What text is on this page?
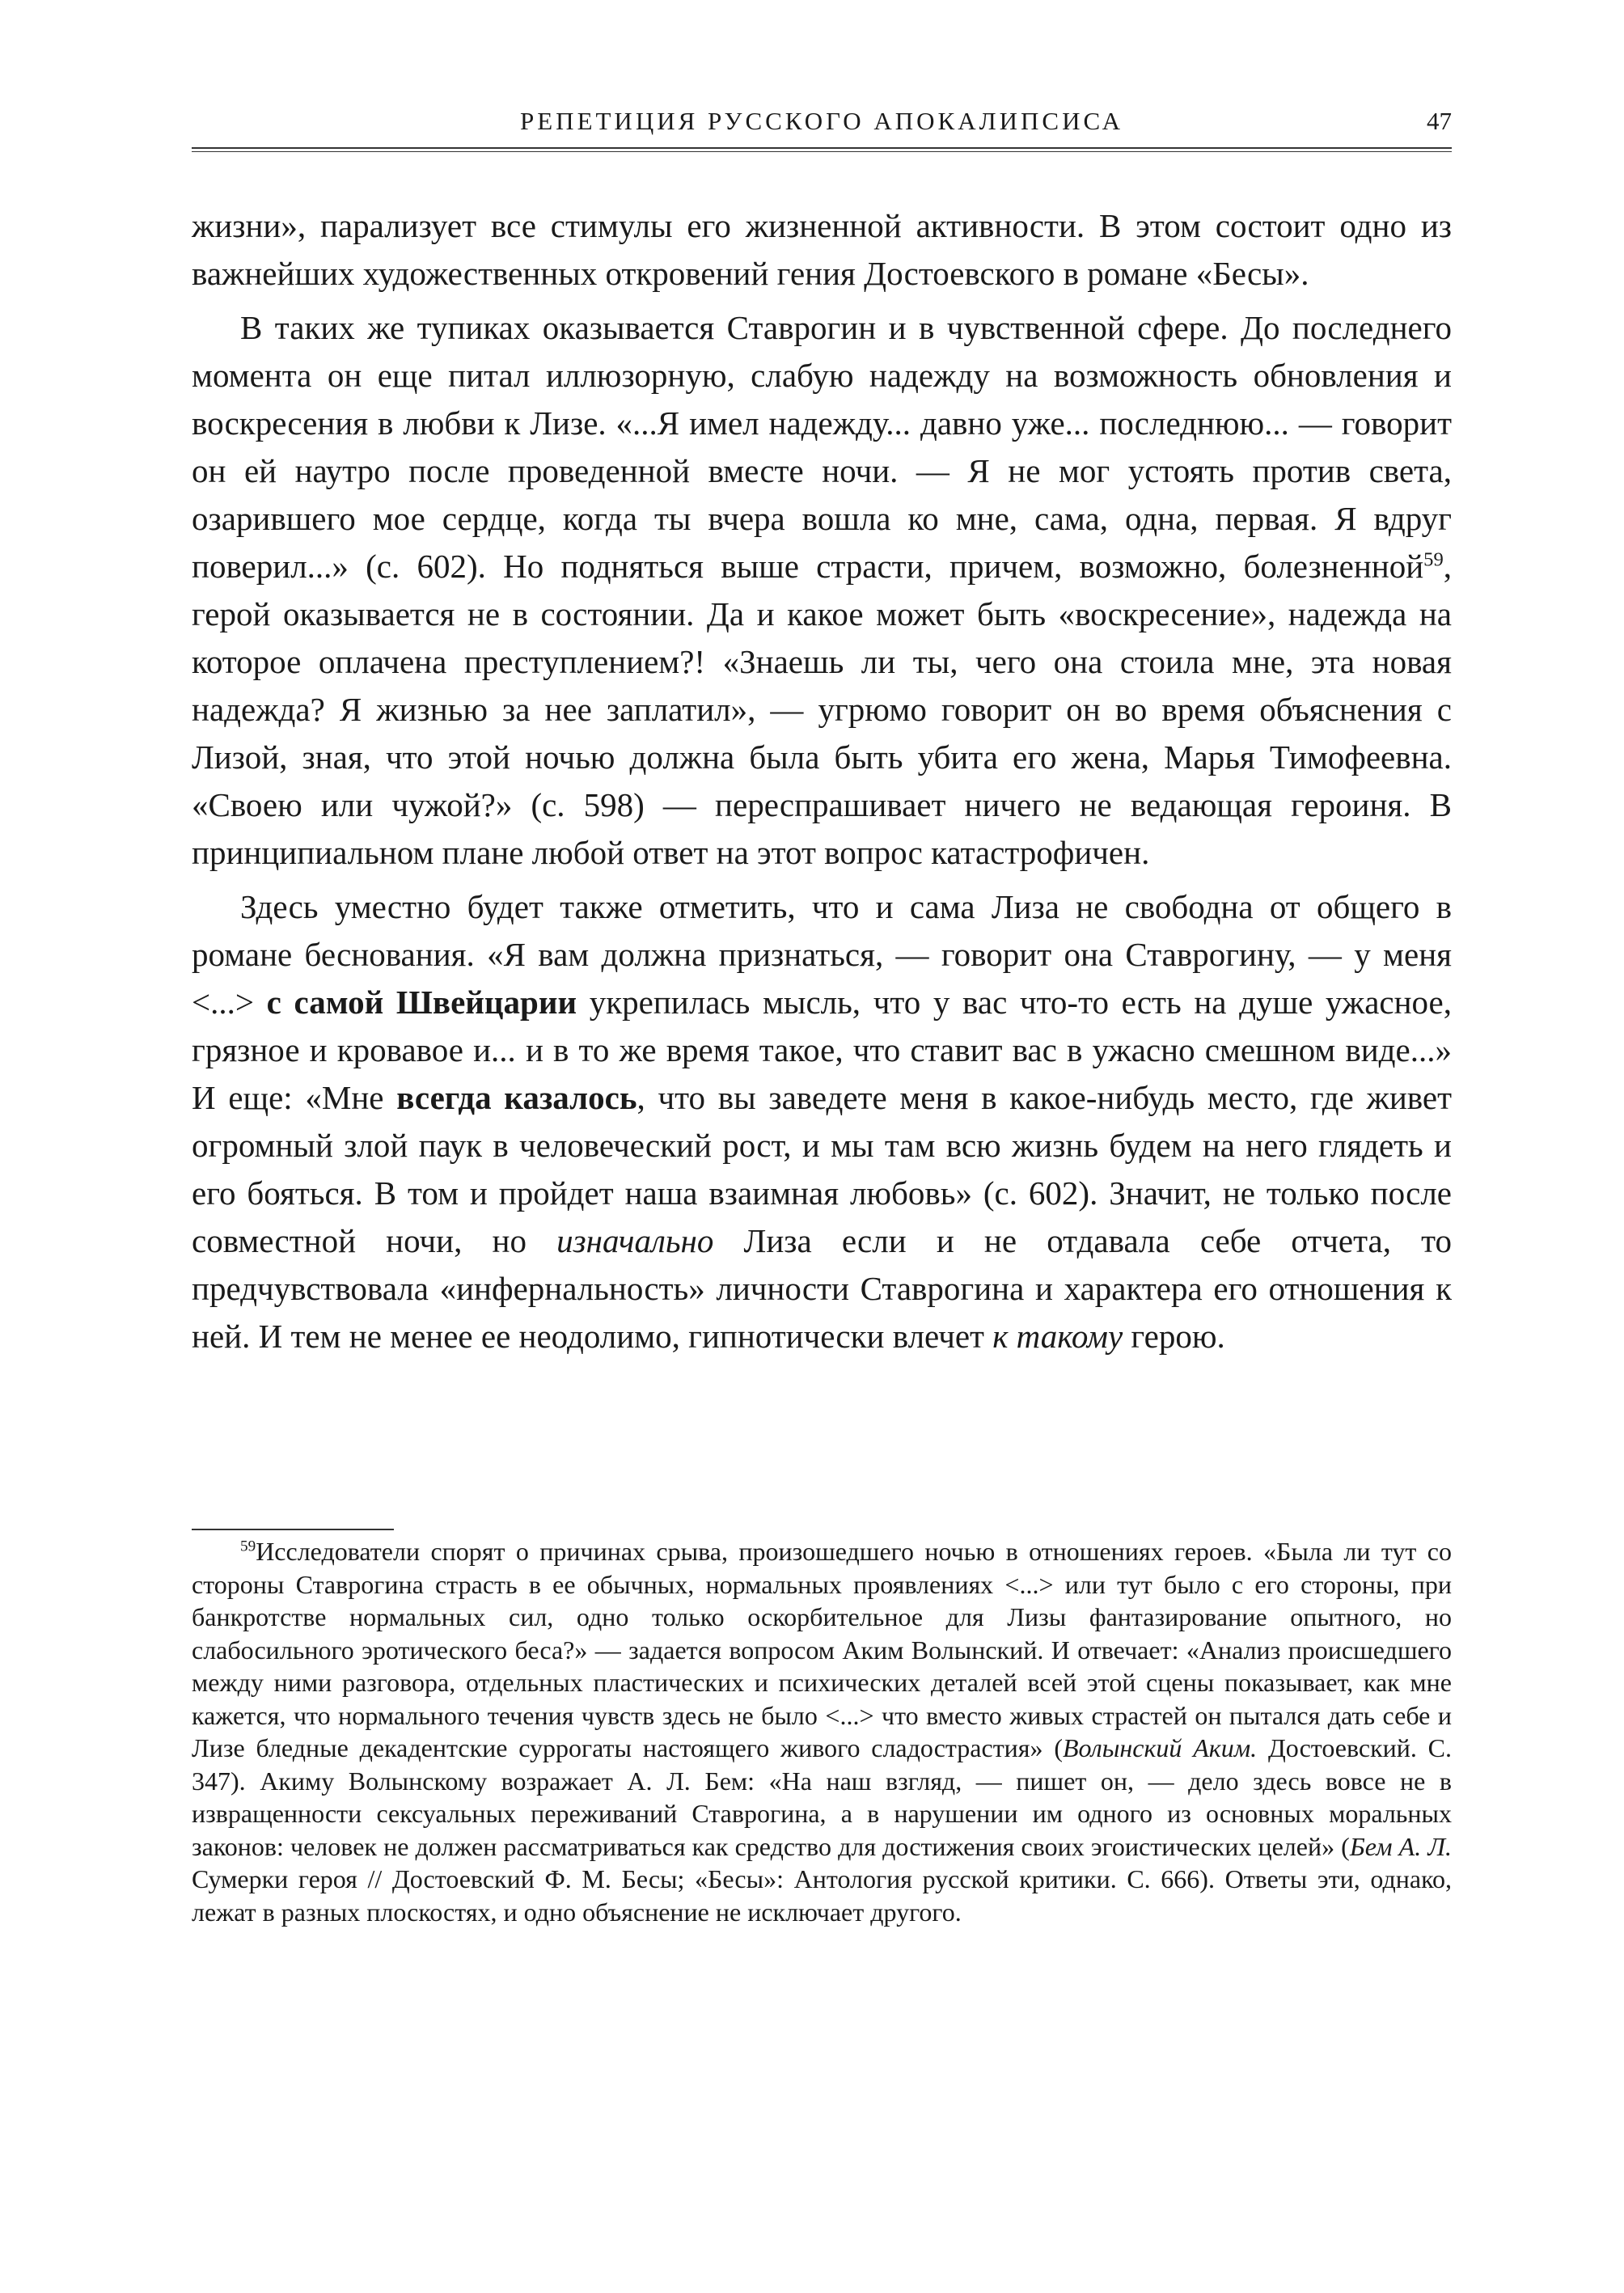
РЕПЕТИЦИЯ РУССКОГО АПОКАЛИПСИСА	47

жизни», парализует все стимулы его жизненной активности. В этом состоит одно из важнейших художественных откровений гения Достоевского в романе «Бесы».

В таких же тупиках оказывается Ставрогин и в чувственной сфере. До последнего момента он еще питал иллюзорную, слабую надежду на возможность обновления и воскресения в любви к Лизе. «...Я имел надежду... давно уже... последнюю... — говорит он ей наутро после проведенной вместе ночи. — Я не мог устоять против света, озарившего мое сердце, когда ты вчера вошла ко мне, сама, одна, первая. Я вдруг поверил...» (с. 602). Но подняться выше страсти, причем, возможно, болезненной$^{59}$, герой оказывается не в состоянии. Да и какое может быть «воскресение», надежда на которое оплачена преступлением?! «Знаешь ли ты, чего она стоила мне, эта новая надежда? Я жизнью за нее заплатил», — угрюмо говорит он во время объяснения с Лизой, зная, что этой ночью должна была быть убита его жена, Марья Тимофеевна. «Своею или чужой?» (с. 598) — переспрашивает ничего не ведающая героиня. В принципиальном плане любой ответ на этот вопрос катастрофичен.

Здесь уместно будет также отметить, что и сама Лиза не свободна от общего в романе беснования. «Я вам должна признаться, — говорит она Ставрогину, — у меня <...> с самой Швейцарии укрепилась мысль, что у вас что-то есть на душе ужасное, грязное и кровавое и... и в то же время такое, что ставит вас в ужасно смешном виде...» И еще: «Мне всегда казалось, что вы заведете меня в какое-нибудь место, где живет огромный злой паук в человеческий рост, и мы там всю жизнь будем на него глядеть и его бояться. В том и пройдет наша взаимная любовь» (с. 602). Значит, не только после совместной ночи, но изначально Лиза если и не отдавала себе отчета, то предчувствовала «инфернальность» личности Ставрогина и характера его отношения к ней. И тем не менее ее неодолимо, гипнотически влечет к такому герою.

$^{59}$Исследователи спорят о причинах срыва, произошедшего ночью в отношениях героев. «Была ли тут со стороны Ставрогина страсть в ее обычных, нормальных проявлениях <...> или тут было с его стороны, при банкротстве нормальных сил, одно только оскорбительное для Лизы фантазирование опытного, но слабосильного эротического беса?» — задается вопросом Аким Волынский. И отвечает: «Анализ происшедшего между ними разговора, отдельных пластических и психических деталей всей этой сцены показывает, как мне кажется, что нормального течения чувств здесь не было <...> что вместо живых страстей он пытался дать себе и Лизе бледные декадентские суррогаты настоящего живого сладострастия» (Волынский Аким. Достоевский. С. 347). Акиму Волынскому возражает А. Л. Бем: «На наш взгляд, — пишет он, — дело здесь вовсе не в извращенности сексуальных переживаний Ставрогина, а в нарушении им одного из основных моральных законов: человек не должен рассматриваться как средство для достижения своих эгоистических целей» (Бем А. Л. Сумерки героя // Достоевский Ф. М. Бесы; «Бесы»: Антология русской критики. С. 666). Ответы эти, однако, лежат в разных плоскостях, и одно объяснение не исключает другого.
